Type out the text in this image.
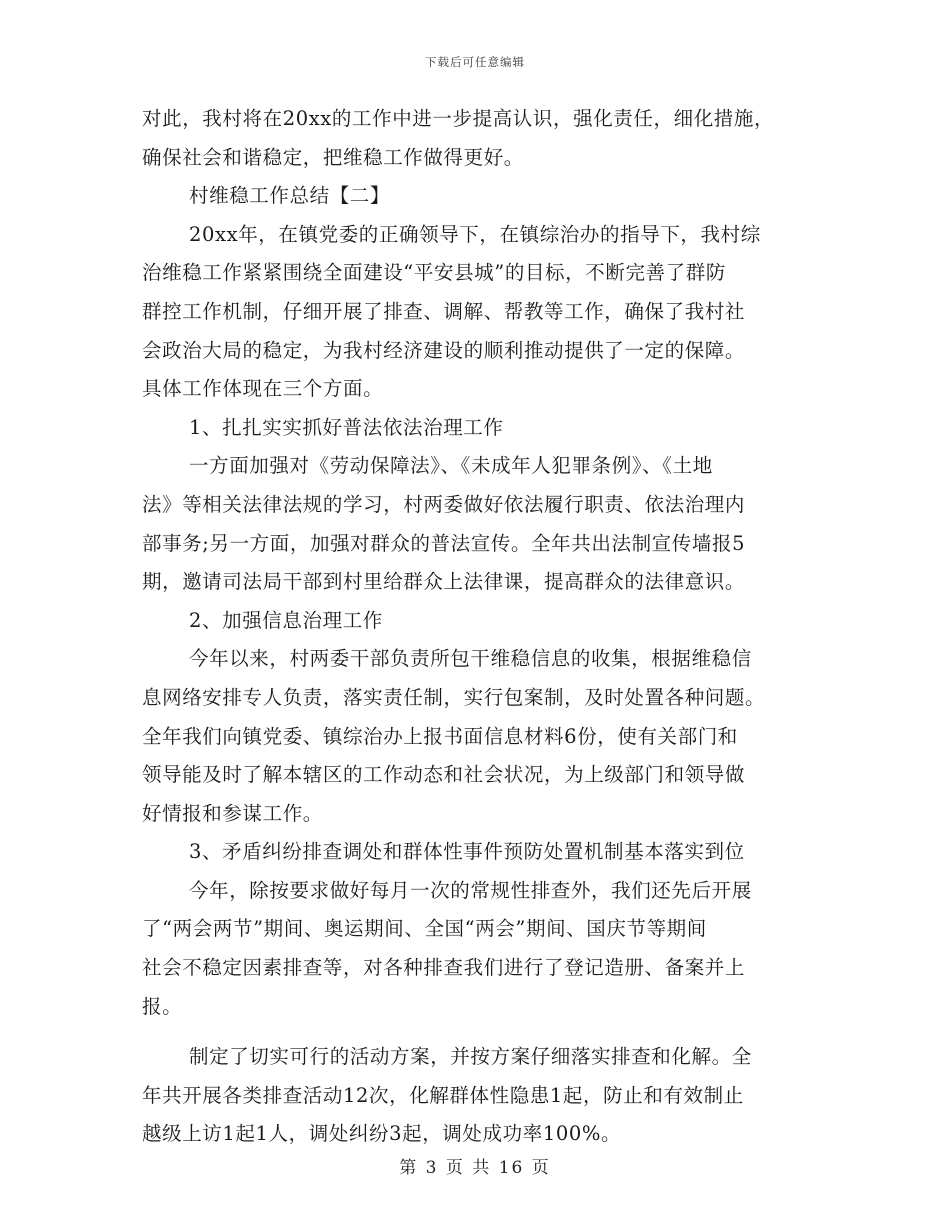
下载后可任意编辑

对此，我村将在20xx的工作中进一步提高认识，强化责任，细化措施，

确保社会和谐稳定，把维稳工作做得更好。

村维稳工作总结【二】

20xx年，在镇党委的正确领导下，在镇综治办的指导下，我村综

治维稳工作紧紧围绕全面建设“平安县城”的目标，不断完善了群防

群控工作机制，仔细开展了排查、调解、帮教等工作，确保了我村社

会政治大局的稳定，为我村经济建设的顺利推动提供了一定的保障。

具体工作体现在三个方面。

1、扎扎实实抓好普法依法治理工作

一方面加强对《劳动保障法》、《未成年人犯罪条例》、《土地

法》等相关法律法规的学习，村两委做好依法履行职责、依法治理内

部事务;另一方面，加强对群众的普法宣传。全年共出法制宣传墙报5

期，邀请司法局干部到村里给群众上法律课，提高群众的法律意识。

2、加强信息治理工作

今年以来，村两委干部负责所包干维稳信息的收集，根据维稳信

息网络安排专人负责，落实责任制，实行包案制，及时处置各种问题。

全年我们向镇党委、镇综治办上报书面信息材料6份，使有关部门和

领导能及时了解本辖区的工作动态和社会状况，为上级部门和领导做

好情报和参谋工作。

3、矛盾纠纷排查调处和群体性事件预防处置机制基本落实到位

今年，除按要求做好每月一次的常规性排查外，我们还先后开展

了“两会两节”期间、奥运期间、全国“两会”期间、国庆节等期间

社会不稳定因素排查等，对各种排查我们进行了登记造册、备案并上

报。

制定了切实可行的活动方案，并按方案仔细落实排查和化解。全

年共开展各类排查活动12次，化解群体性隐患1起，防止和有效制止

越级上访1起1人，调处纠纷3起，调处成功率100%。

第 3 页 共 16 页
